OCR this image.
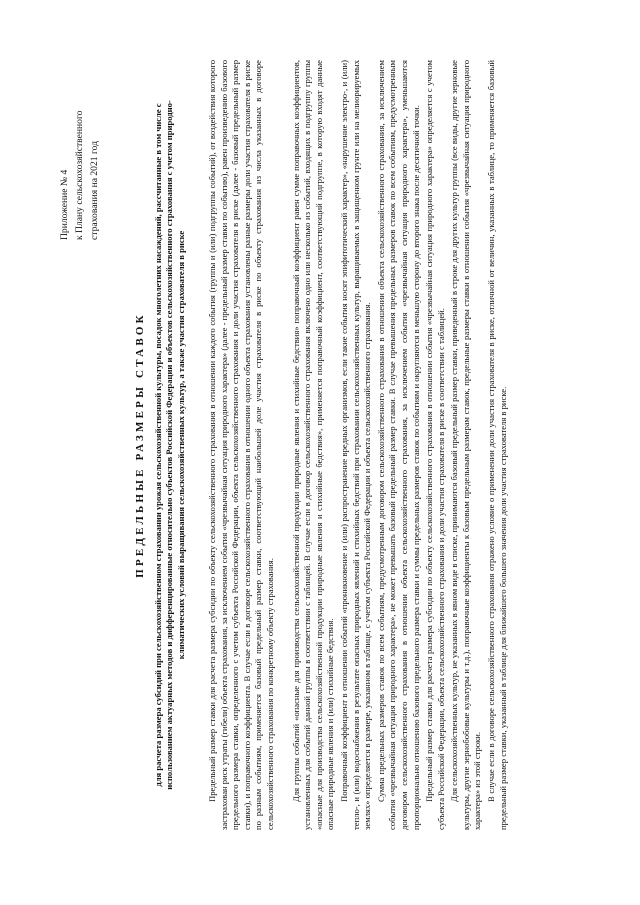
Приложение № 4 к Плану сельскохозяйственного страхования на 2021 год
ПРЕДЕЛЬНЫЕ РАЗМЕРЫ СТАВОК для расчета размера субсидий при сельскохозяйственном страховании урожая сельскохозяйственной культуры, посадок многолетних насаждений, рассчитанные в том числе с использованием актуарных методов и дифференцированные относительно субъектов Российской Федерации и объектов сельскохозяйственного страхования с учетом природно-климатических условий выращивания сельскохозяйственных культур, а также участия страхователя в риске Предельный размер ставки для расчета размера субсидии по объекту сельскохозяйственного страхования в отношении каждого события (группы и (или) подгруппы событий), от воздействия которого застрахован риск утраты (гибели) объекта страхования, за исключением события «чрезвычайная ситуация природного характера» (далее - предельный размер ставки по событию), равен произведению базового предельного размера ставки, определенного с учетом субъекта Российской Федерации, объекта сельскохозяйственного страхования и доли участия страхователя в риске (далее - базовый предельный размер ставки), и поправочного коэффициента. В случае если в договоре сельскохозяйственного страхования в отношении одного объекта страхования установлены разные размеры доли участия страхователя в риске по разным событиям, применяется базовый предельный размер ставки, соответствующий наибольшей доле участия страхователя в риске по объекту страхования из числа указанных в договоре сельскохозяйственного страхования по конкретному объекту страхования. Для группы событий «опасные для производства сельскохозяйственной продукции природные явления и стихийные бедствия» поправочный коэффициент равен сумме поправочных коэффициентов, установленных для событий данной группы в соответствии с таблицей. В случае если в договор сельскохозяйственного страхования включено одно или несколько из событий, входящих в подгруппу группы «опасные для производства сельскохозяйственной продукции природные явления и стихийные бедствия», применяется поправочный коэффициент, соответствующий подгруппе, в которую входят данные опасные природные явления и (или) стихийные бедствия. Поправочный коэффициент в отношении событий «проникновение и (или) распространение вредных организмов, если такие события носят эпифитотический характер», «нарушение электро-, и (или) тепло-, и (или) водоснабжения в результате опасных природных явлений и стихийных бедствий при страховании сельскохозяйственных культур, выращиваемых в защищенном грунте или на мелиорируемых землях» определяется в размере, указанном в таблице, с учетом субъекта Российской Федерации и объекта сельскохозяйственного страхования. Сумма предельных размеров ставок по всем событиям, предусмотренным договором сельскохозяйственного страхования в отношении объекта сельскохозяйственного страхования, за исключением события «чрезвычайная ситуация природного характера», не может превышать базовый предельный размер ставки. В случае превышения предельных размеров ставок по всем событиям, предусмотренным договором сельскохозяйственного страхования в отношении объекта сельскохозяйственного страхования, за исключением события «чрезвычайная ситуация природного характера», уменьшаются пропорционально отношению базового предельного размера ставки и суммы предельных размеров ставок по событиям и округляются в меньшую сторону до второго знака после десятичной точки. Предельный размер ставки для расчета размера субсидии по объекту сельскохозяйственного страхования в отношении события «чрезвычайная ситуация природного характера» определяется с учетом субъекта Российской Федерации, объекта сельскохозяйственного страхования и доли участия страхователя в риске в соответствии с таблицей. Для сельскохозяйственных культур, не указанных в явном виде в списке, принимаются базовый предельный размер ставки, приведенный в строке для других культур группы (все виды, другие зерновые культуры, другие зернобобовые культуры и т.д.), поправочные коэффициенты к базовым предельным размерам ставок, предельные размеры ставки в отношении события «чрезвычайная ситуация природного характера» из этой строки. В случае если в договоре сельскохозяйственного страхования отражено условие о применении доли участия страхователя в риске, отличной от величин, указанных в таблице, то применяется базовый предельный размер ставки, указанный в таблице для ближайшего большего значения доли участия страхователя в риске.
